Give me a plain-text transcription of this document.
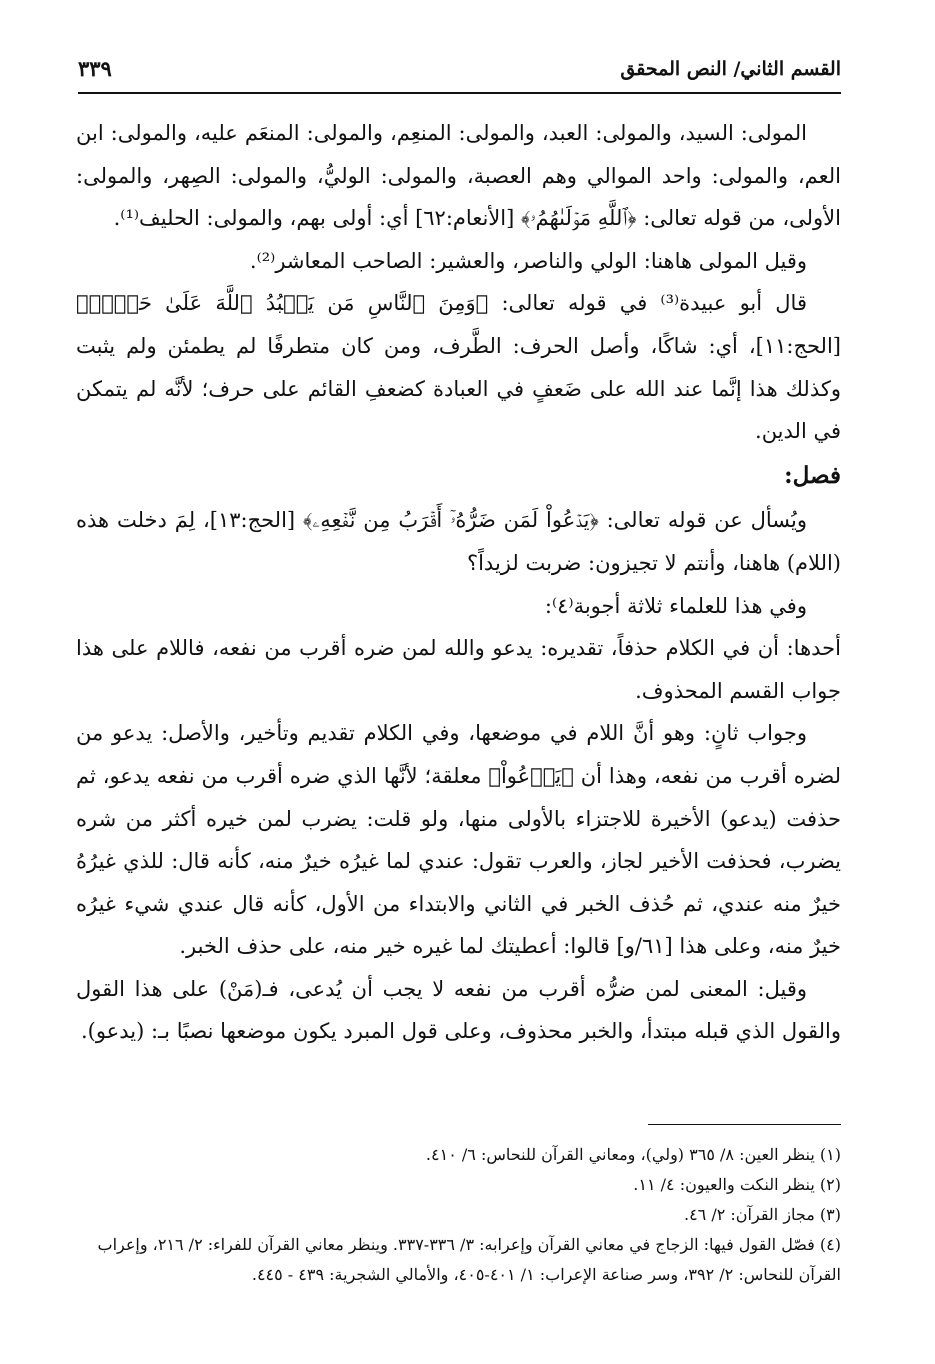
القسم الثاني/ النص المحقق
٣٣٩

المولى: السيد، والمولى: العبد، والمولى: المنعِم، والمولى: المنعَم عليه، والمولى: ابن العم، والمولى: واحد الموالي وهم العصبة، والمولى: الوليُّ، والمولى: الصِهر، والمولى: الأولى، من قوله تعالى: ﴿ٱللَّهِ مَوۡلَىٰهُمُۥ﴾ [الأنعام:٦٢] أي: أولى بهم، والمولى: الحليف⁽¹⁾.

وقيل المولى هاهنا: الولي والناصر، والعشير: الصاحب المعاشر⁽²⁾.

قال أبو عبيدة⁽³⁾ في قوله تعالى: ﴿وَمِنَ ٱلنَّاسِ مَن يَعۡبُدُ ٱللَّهَ عَلَىٰ حَرۡفٖ﴾ [الحج:١١]، أي: شاكًا، وأصل الحرف: الطَّرف، ومن كان متطرفًا لم يطمئن ولم يثبت وكذلك هذا إنَّما عند الله على ضَعفٍ في العبادة كضعفِ القائم على حرف؛ لأنَّه لم يتمكن في الدين.

فصل:

ويُسأل عن قوله تعالى: ﴿يَدۡعُواْ لَمَن ضَرُّهُۥٓ أَقۡرَبُ مِن نَّفۡعِهِۦ﴾ [الحج:١٣]، لِمَ دخلت هذه (اللام) هاهنا، وأنتم لا تجيزون: ضربت لزيداً؟

وفي هذا للعلماء ثلاثة أجوبة⁽٤⁾:

أحدها: أن في الكلام حذفاً، تقديره: يدعو والله لمن ضره أقرب من نفعه، فاللام على هذا جواب القسم المحذوف.

وجواب ثانٍ: وهو أنَّ اللام في موضعها، وفي الكلام تقديم وتأخير، والأصل: يدعو من لضره أقرب من نفعه، وهذا أن ﴿يَدۡعُواْ﴾ معلقة؛ لأنَّها الذي ضره أقرب من نفعه يدعو، ثم حذفت (يدعو) الأخيرة للاجتزاء بالأولى منها، ولو قلت: يضرب لمن خيره أكثر من شره يضرب، فحذفت الأخير لجاز، والعرب تقول: عندي لما غيرُه خيرٌ منه، كأنه قال: للذي غيرُهُ خيرٌ منه عندي، ثم حُذف الخبر في الثاني والابتداء من الأول، كأنه قال عندي شيء غيرُه خيرٌ منه، وعلى هذا [٦١/و] قالوا: أعطيتك لما غيره خير منه، على حذف الخبر.

وقيل: المعنى لمن ضرُّه أقرب من نفعه لا يجب أن يُدعى، فـ(مَنْ) على هذا القول والقول الذي قبله مبتدأ، والخبر محذوف، وعلى قول المبرد يكون موضعها نصبًا بـ: (يدعو).

(١) ينظر العين: ٨/ ٣٦٥ (ولي)، ومعاني القرآن للنحاس: ٦/ ٤١٠.
(٢) ينظر النكت والعيون: ٤/ ١١.
(٣) مجاز القرآن: ٢/ ٤٦.
(٤) فصّل القول فيها: الزجاج في معاني القرآن وإعرابه: ٣/ ٣٣٦-٣٣٧. وينظر معاني القرآن للفراء: ٢/ ٢١٦، وإعراب القرآن للنحاس: ٢/ ٣٩٢، وسر صناعة الإعراب: ١/ ٤٠١-٤٠٥، والأمالي الشجرية: ٤٣٩ - ٤٤٥.
